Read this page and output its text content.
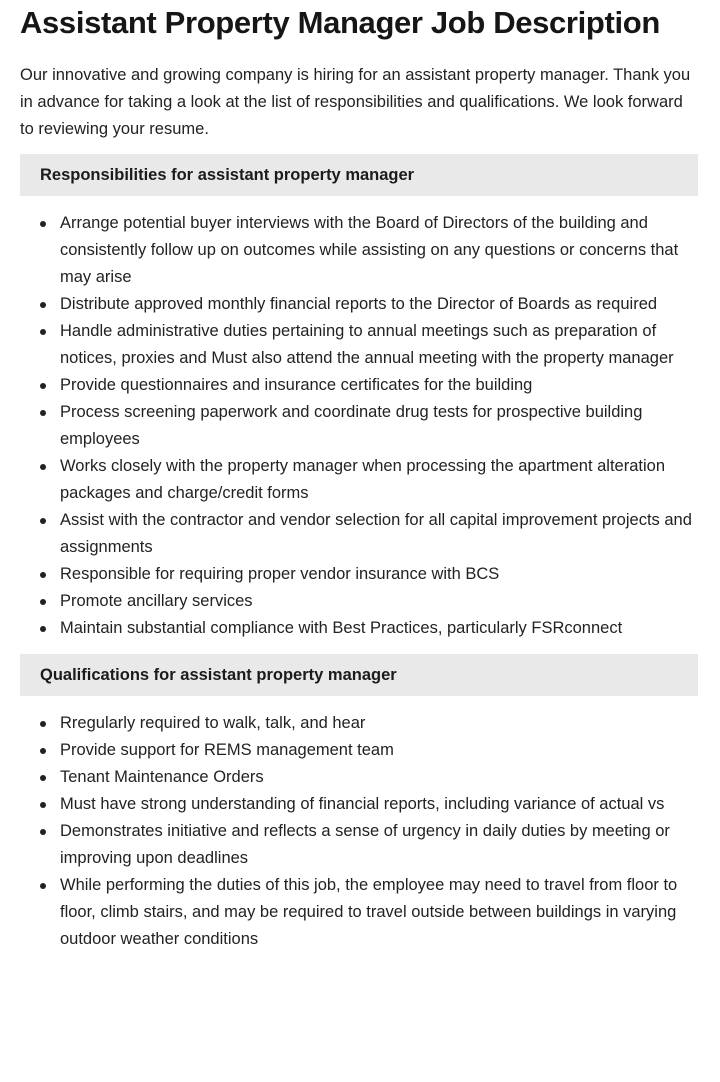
Assistant Property Manager Job Description

Our innovative and growing company is hiring for an assistant property manager. Thank you in advance for taking a look at the list of responsibilities and qualifications. We look forward to reviewing your resume.

Responsibilities for assistant property manager
Arrange potential buyer interviews with the Board of Directors of the building and consistently follow up on outcomes while assisting on any questions or concerns that may arise
Distribute approved monthly financial reports to the Director of Boards as required
Handle administrative duties pertaining to annual meetings such as preparation of notices, proxies and Must also attend the annual meeting with the property manager
Provide questionnaires and insurance certificates for the building
Process screening paperwork and coordinate drug tests for prospective building employees
Works closely with the property manager when processing the apartment alteration packages and charge/credit forms
Assist with the contractor and vendor selection for all capital improvement projects and assignments
Responsible for requiring proper vendor insurance with BCS
Promote ancillary services
Maintain substantial compliance with Best Practices, particularly FSRconnect
Qualifications for assistant property manager
Rregularly required to walk, talk, and hear
Provide support for REMS management team
Tenant Maintenance Orders
Must have strong understanding of financial reports, including variance of actual vs
Demonstrates initiative and reflects a sense of urgency in daily duties by meeting or improving upon deadlines
While performing the duties of this job, the employee may need to travel from floor to floor, climb stairs, and may be required to travel outside between buildings in varying outdoor weather conditions
